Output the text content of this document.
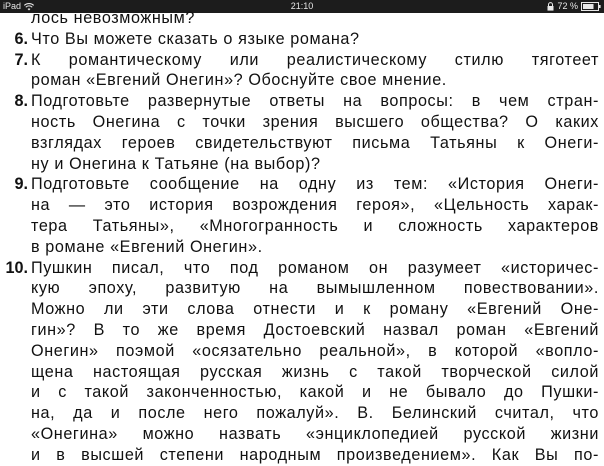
iPad	21:10	72 %
лось невозможным?
6. Что Вы можете сказать о языке романа?
7. К романтическому или реалистическому стилю тяготеет
роман «Евгений Онегин»? Обоснуйте свое мнение.
8. Подготовьте развернутые ответы на вопросы: в чем стран-
ность Онегина с точки зрения высшего общества? О каких
взглядах героев свидетельствуют письма Татьяны к Онеги-
ну и Онегина к Татьяне (на выбор)?
9. Подготовьте сообщение на одну из тем: «История Онеги-
на — это история возрождения героя», «Цельность харак-
тера Татьяны», «Многогранность и сложность характеров
в романе «Евгений Онегин».
10. Пушкин писал, что под романом он разумеет «историчес-
кую эпоху, развитую на вымышленном повествовании».
Можно ли эти слова отнести и к роману «Евгений Оне-
гин»? В то же время Достоевский назвал роман «Евгений
Онегин» поэмой «осязательно реальной», в которой «вопло-
щена настоящая русская жизнь с такой творческой силой
и с такой законченностью, какой и не бывало до Пушки-
на, да и после него пожалуй». В. Белинский считал, что
«Онегина» можно назвать «энциклопедией русской жизни
и в высшей степени народным произведением». Как Вы по-
